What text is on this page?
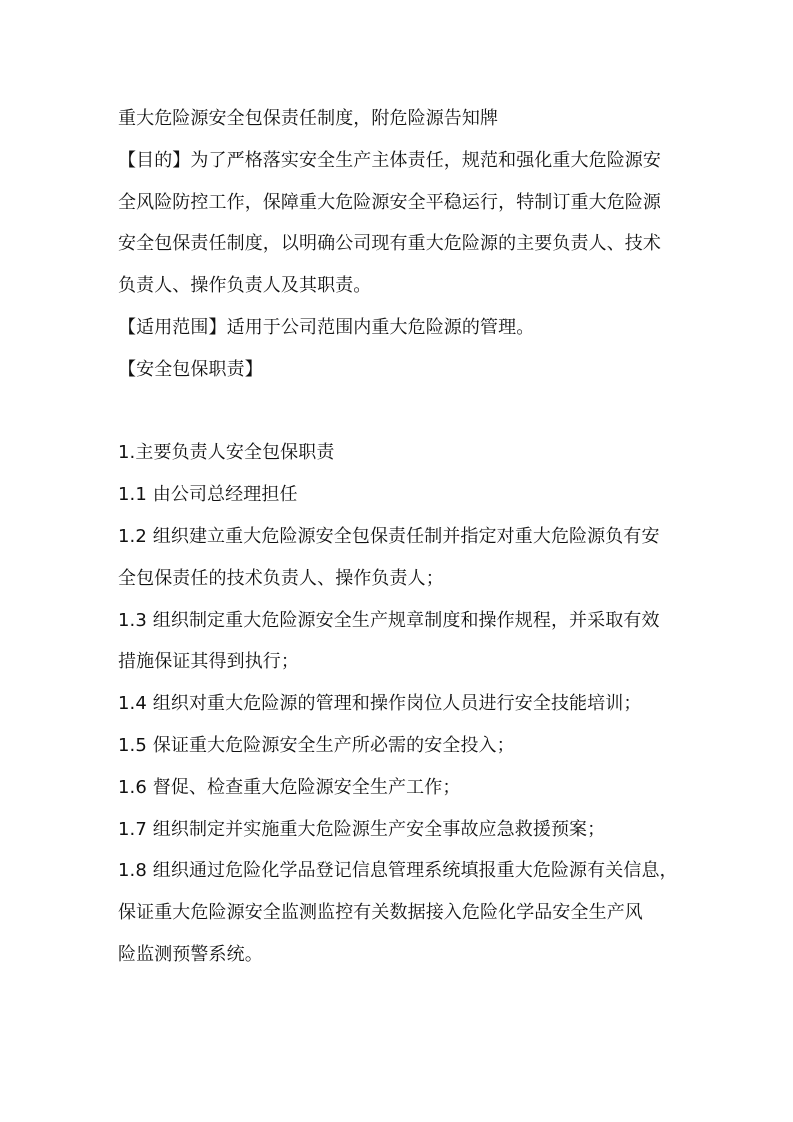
重大危险源安全包保责任制度，附危险源告知牌
【目的】为了严格落实安全生产主体责任，规范和强化重大危险源安
全风险防控工作，保障重大危险源安全平稳运行，特制订重大危险源
安全包保责任制度，以明确公司现有重大危险源的主要负责人、技术
负责人、操作负责人及其职责。
【适用范围】适用于公司范围内重大危险源的管理。
【安全包保职责】
1.主要负责人安全包保职责
1.1 由公司总经理担任
1.2 组织建立重大危险源安全包保责任制并指定对重大危险源负有安
全包保责任的技术负责人、操作负责人；
1.3 组织制定重大危险源安全生产规章制度和操作规程，并采取有效
措施保证其得到执行；
1.4 组织对重大危险源的管理和操作岗位人员进行安全技能培训；
1.5 保证重大危险源安全生产所必需的安全投入；
1.6 督促、检查重大危险源安全生产工作；
1.7 组织制定并实施重大危险源生产安全事故应急救援预案；
1.8 组织通过危险化学品登记信息管理系统填报重大危险源有关信息，
保证重大危险源安全监测监控有关数据接入危险化学品安全生产风
险监测预警系统。
